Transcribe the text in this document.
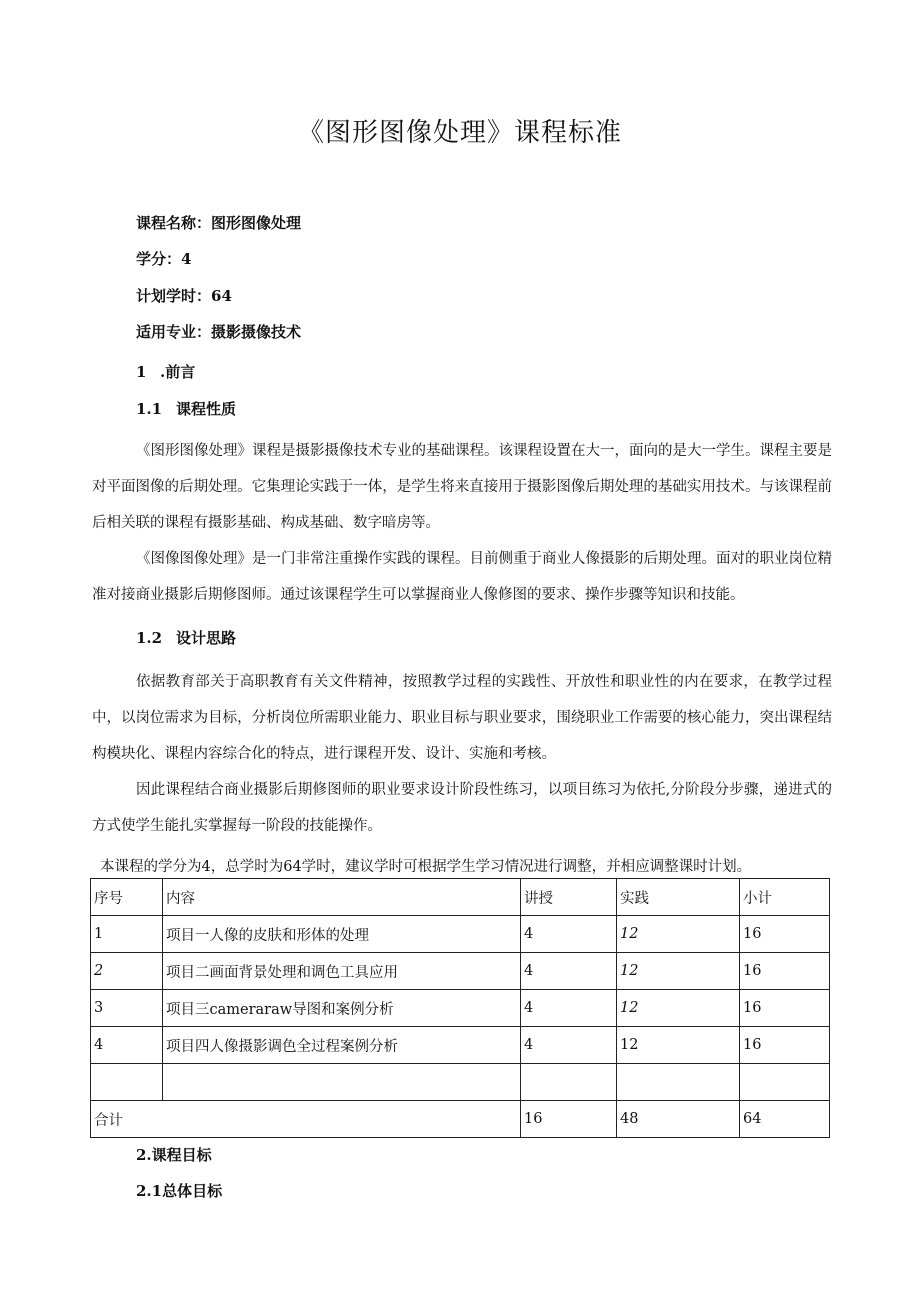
《图形图像处理》课程标准
课程名称：图形图像处理
学分：4
计划学时：64
适用专业：摄影摄像技术
1 .前言
1.1 课程性质

《图形图像处理》课程是摄影摄像技术专业的基础课程。该课程设置在大一，面向的是大一学生。课程主要是对平面图像的后期处理。它集理论实践于一体，是学生将来直接用于摄影图像后期处理的基础实用技术。与该课程前后相关联的课程有摄影基础、构成基础、数字暗房等。

《图像图像处理》是一门非常注重操作实践的课程。目前侧重于商业人像摄影的后期处理。面对的职业岗位精准对接商业摄影后期修图师。通过该课程学生可以掌握商业人像修图的要求、操作步骤等知识和技能。

1.2 设计思路

依据教育部关于高职教育有关文件精神，按照教学过程的实践性、开放性和职业性的内在要求，在教学过程中，以岗位需求为目标，分析岗位所需职业能力、职业目标与职业要求，围绕职业工作需要的核心能力，突出课程结构模块化、课程内容综合化的特点，进行课程开发、设计、实施和考核。

因此课程结合商业摄影后期修图师的职业要求设计阶段性练习，以项目练习为依托,分阶段分步骤，递进式的方式使学生能扎实掌握每一阶段的技能操作。

本课程的学分为4，总学时为64学时，建议学时可根据学生学习情况进行调整，并相应调整课时计划。
序号	内容	讲授	实践	小计
1	项目一人像的皮肤和形体的处理	4	12	16
2	项目二画面背景处理和调色工具应用	4	12	16
3	项目三cameraraw导图和案例分析	4	12	16
4	项目四人像摄影调色全过程案例分析	4	12	16

合计		16	48	64
2.课程目标
2.1总体目标
